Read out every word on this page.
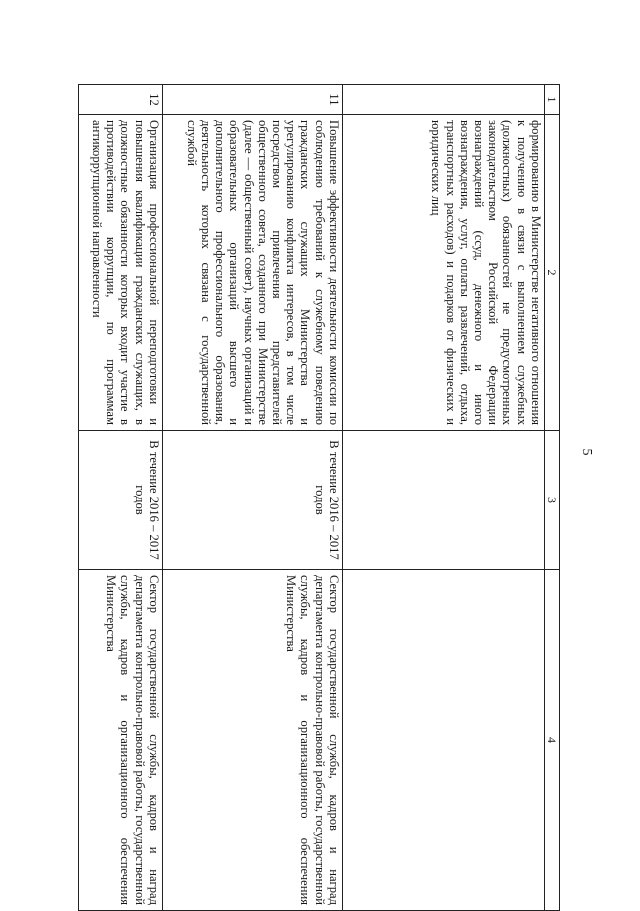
5
1	2	3	4
	формированию в Министерстве негативного отношения к получению в связи с выполнением служебных (должностных) обязанностей не предусмотренных законодательством Российской Федерации вознаграждений (ссуд, денежного и иного вознаграждения, услуг, оплаты развлечений, отдыха, транспортных расходов) и подарков от физических и юридических лиц		
11	Повышение эффективности деятельности комиссии по соблюдению требований к служебному поведению гражданских служащих Министерства и урегулированию конфликта интересов, в том числе посредством привлечения представителей общественного совета, созданного при Министерстве (далее — общественный совет), научных организаций и образовательных организаций высшего и дополнительного профессионального образования, деятельность которых связана с государственной службой	В течение 2016 – 2017 годов	Сектор государственной службы, кадров и наград департамента контрольно-правовой работы, государственной службы, кадров и организационного обеспечения Министерства
12	Организация профессиональной переподготовки и повышения квалификации гражданских служащих, в должностные обязанности которых входит участие в противодействии коррупции, по программам антикоррупционной направленности	В течение 2016 – 2017 годов	Сектор государственной службы, кадров и наград департамента контрольно-правовой работы, государственной службы, кадров и организационного обеспечения Министерства
